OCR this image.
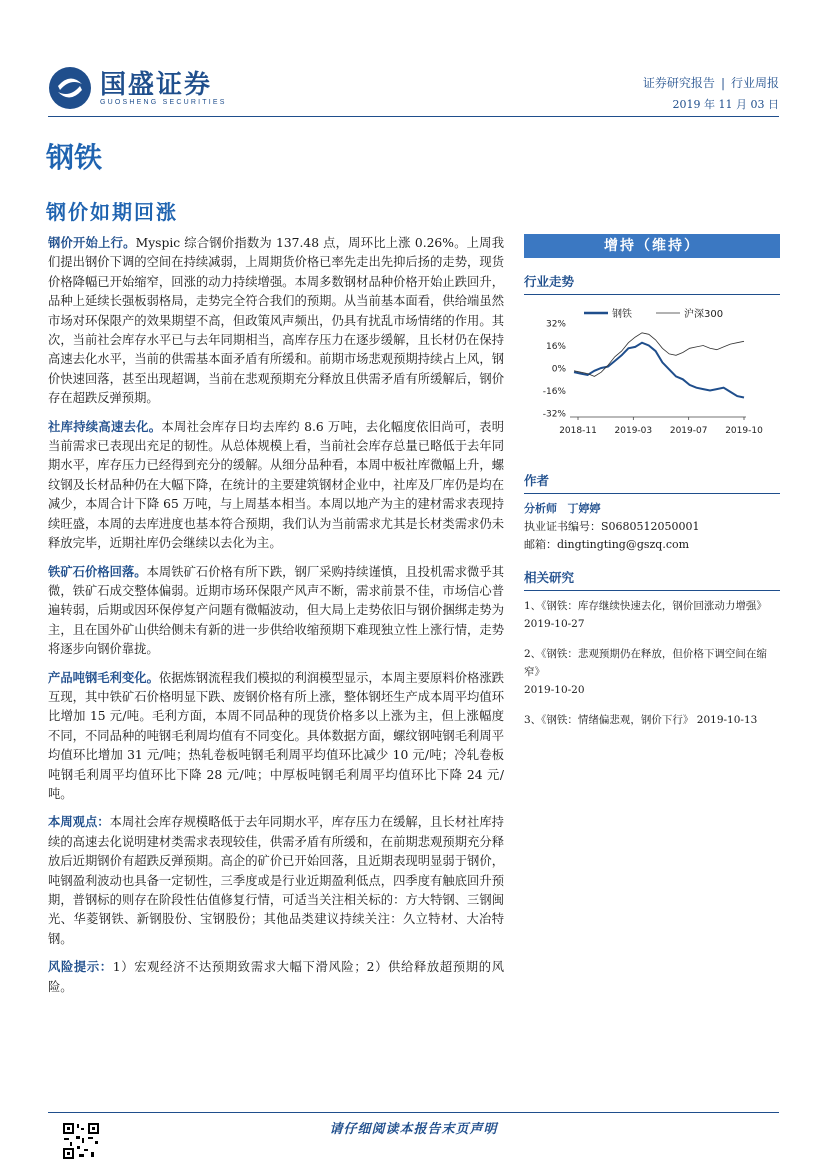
国盛证券
GUOSHENG SECURITIES
证券研究报告 | 行业周报
2019 年 11 月 03 日
钢铁
钢价如期回涨

钢价开始上行。Myspic 综合钢价指数为 137.48 点，周环比上涨 0.26%。上周我们提出钢价下调的空间在持续减弱，上周期货价格已率先走出先抑后扬的走势，现货价格降幅已开始缩窄，回涨的动力持续增强。本周多数钢材品种价格开始止跌回升，品种上延续长强板弱格局，走势完全符合我们的预期。从当前基本面看，供给端虽然市场对环保限产的效果期望不高，但政策风声频出，仍具有扰乱市场情绪的作用。其次，当前社会库存水平已与去年同期相当，高库存压力在逐步缓解，且长材仍在保持高速去化水平，当前的供需基本面矛盾有所缓和。前期市场悲观预期持续占上风，钢价快速回落，甚至出现超调，当前在悲观预期充分释放且供需矛盾有所缓解后，钢价存在超跌反弹预期。

社库持续高速去化。本周社会库存日均去库约 8.6 万吨，去化幅度依旧尚可，表明当前需求已表现出充足的韧性。从总体规模上看，当前社会库存总量已略低于去年同期水平，库存压力已经得到充分的缓解。从细分品种看，本周中板社库微幅上升，螺纹钢及长材品种仍在大幅下降，在统计的主要建筑钢材企业中，社库及厂库仍是均在减少，本周合计下降 65 万吨，与上周基本相当。本周以地产为主的建材需求表现持续旺盛，本周的去库进度也基本符合预期，我们认为当前需求尤其是长材类需求仍未释放完毕，近期社库仍会继续以去化为主。

铁矿石价格回落。本周铁矿石价格有所下跌，钢厂采购持续谨慎，且投机需求微乎其微，铁矿石成交整体偏弱。近期市场环保限产风声不断，需求前景不佳，市场信心普遍转弱，后期或因环保停复产问题有微幅波动，但大局上走势依旧与钢价捆绑走势为主，且在国外矿山供给侧未有新的进一步供给收缩预期下难现独立性上涨行情，走势将逐步向钢价靠拢。

产品吨钢毛利变化。依据炼钢流程我们模拟的利润模型显示，本周主要原料价格涨跌互现，其中铁矿石价格明显下跌、废钢价格有所上涨，整体钢坯生产成本周平均值环比增加 15 元/吨。毛利方面，本周不同品种的现货价格多以上涨为主，但上涨幅度不同，不同品种的吨钢毛利周均值有不同变化。具体数据方面，螺纹钢吨钢毛利周平均值环比增加 31 元/吨；热轧卷板吨钢毛利周平均值环比减少 10 元/吨；冷轧卷板吨钢毛利周平均值环比下降 28 元/吨；中厚板吨钢毛利周平均值环比下降 24 元/吨。

本周观点：本周社会库存规模略低于去年同期水平，库存压力在缓解，且长材社库持续的高速去化说明建材类需求表现较佳，供需矛盾有所缓和，在前期悲观预期充分释放后近期钢价有超跌反弹预期。高企的矿价已开始回落，且近期表现明显弱于钢价，吨钢盈利波动也具备一定韧性，三季度或是行业近期盈利低点，四季度有触底回升预期，普钢标的则存在阶段性估值修复行情，可适当关注相关标的：方大特钢、三钢闽光、华菱钢铁、新钢股份、宝钢股份；其他品类建议持续关注：久立特材、大冶特钢。

风险提示：1）宏观经济不达预期致需求大幅下滑风险；2）供给释放超预期的风险。

增持（维持）
行业走势
钢铁	沪深300
32%
16%
0%
-16%
-32%
2018-11 2019-03 2019-07 2019-10
作者
分析师 丁婷婷
执业证书编号：S0680512050001
邮箱：dingtingting@gszq.com
相关研究
1、《钢铁：库存继续快速去化，钢价回涨动力增强》
2019-10-27
2、《钢铁：悲观预期仍在释放，但价格下调空间在缩窄》
2019-10-20
3、《钢铁：情绪偏悲观，钢价下行》 2019-10-13
请仔细阅读本报告末页声明
